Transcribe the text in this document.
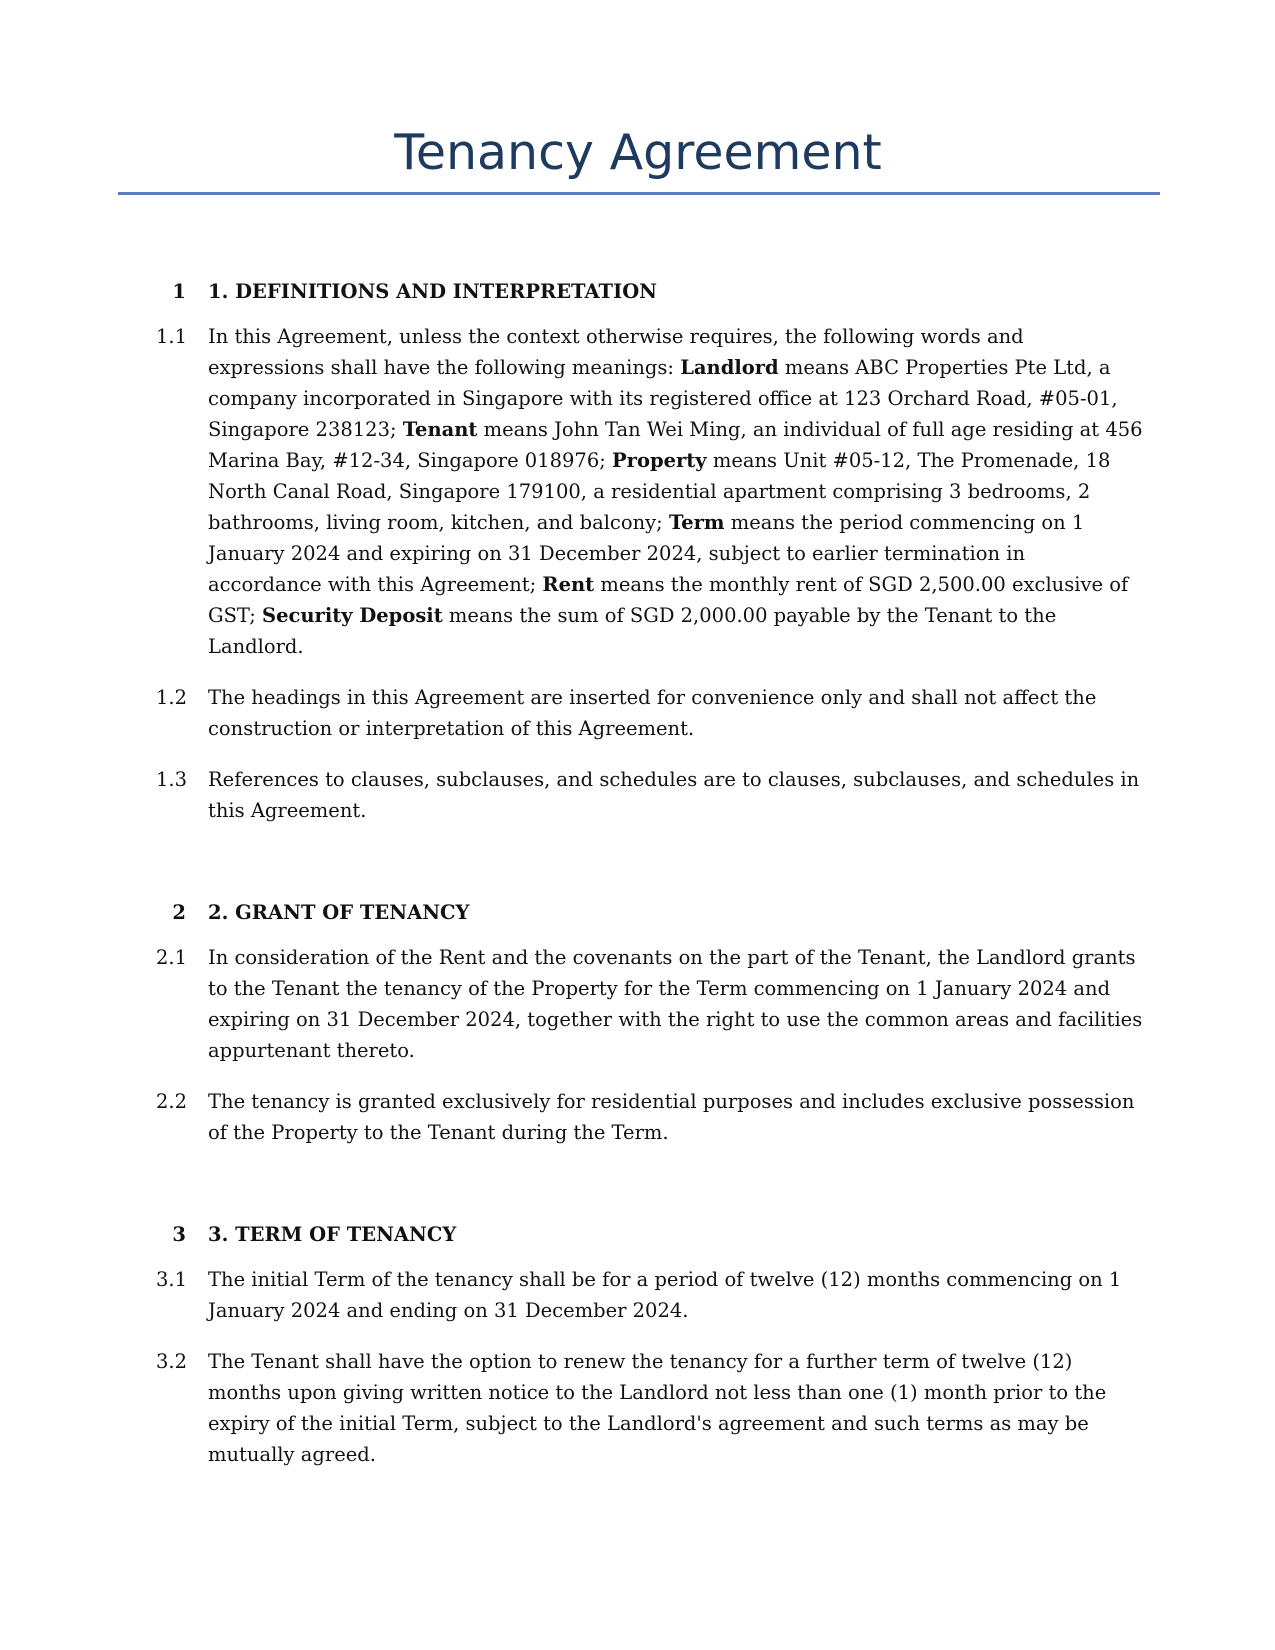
Tenancy Agreement
1 1. DEFINITIONS AND INTERPRETATION
1.1 In this Agreement, unless the context otherwise requires, the following words and expressions shall have the following meanings: Landlord means ABC Properties Pte Ltd, a company incorporated in Singapore with its registered office at 123 Orchard Road, #05-01, Singapore 238123; Tenant means John Tan Wei Ming, an individual of full age residing at 456 Marina Bay, #12-34, Singapore 018976; Property means Unit #05-12, The Promenade, 18 North Canal Road, Singapore 179100, a residential apartment comprising 3 bedrooms, 2 bathrooms, living room, kitchen, and balcony; Term means the period commencing on 1 January 2024 and expiring on 31 December 2024, subject to earlier termination in accordance with this Agreement; Rent means the monthly rent of SGD 2,500.00 exclusive of GST; Security Deposit means the sum of SGD 2,000.00 payable by the Tenant to the Landlord.
1.2 The headings in this Agreement are inserted for convenience only and shall not affect the construction or interpretation of this Agreement.
1.3 References to clauses, subclauses, and schedules are to clauses, subclauses, and schedules in this Agreement.
2 2. GRANT OF TENANCY
2.1 In consideration of the Rent and the covenants on the part of the Tenant, the Landlord grants to the Tenant the tenancy of the Property for the Term commencing on 1 January 2024 and expiring on 31 December 2024, together with the right to use the common areas and facilities appurtenant thereto.
2.2 The tenancy is granted exclusively for residential purposes and includes exclusive possession of the Property to the Tenant during the Term.
3 3. TERM OF TENANCY
3.1 The initial Term of the tenancy shall be for a period of twelve (12) months commencing on 1 January 2024 and ending on 31 December 2024.
3.2 The Tenant shall have the option to renew the tenancy for a further term of twelve (12) months upon giving written notice to the Landlord not less than one (1) month prior to the expiry of the initial Term, subject to the Landlord's agreement and such terms as may be mutually agreed.
